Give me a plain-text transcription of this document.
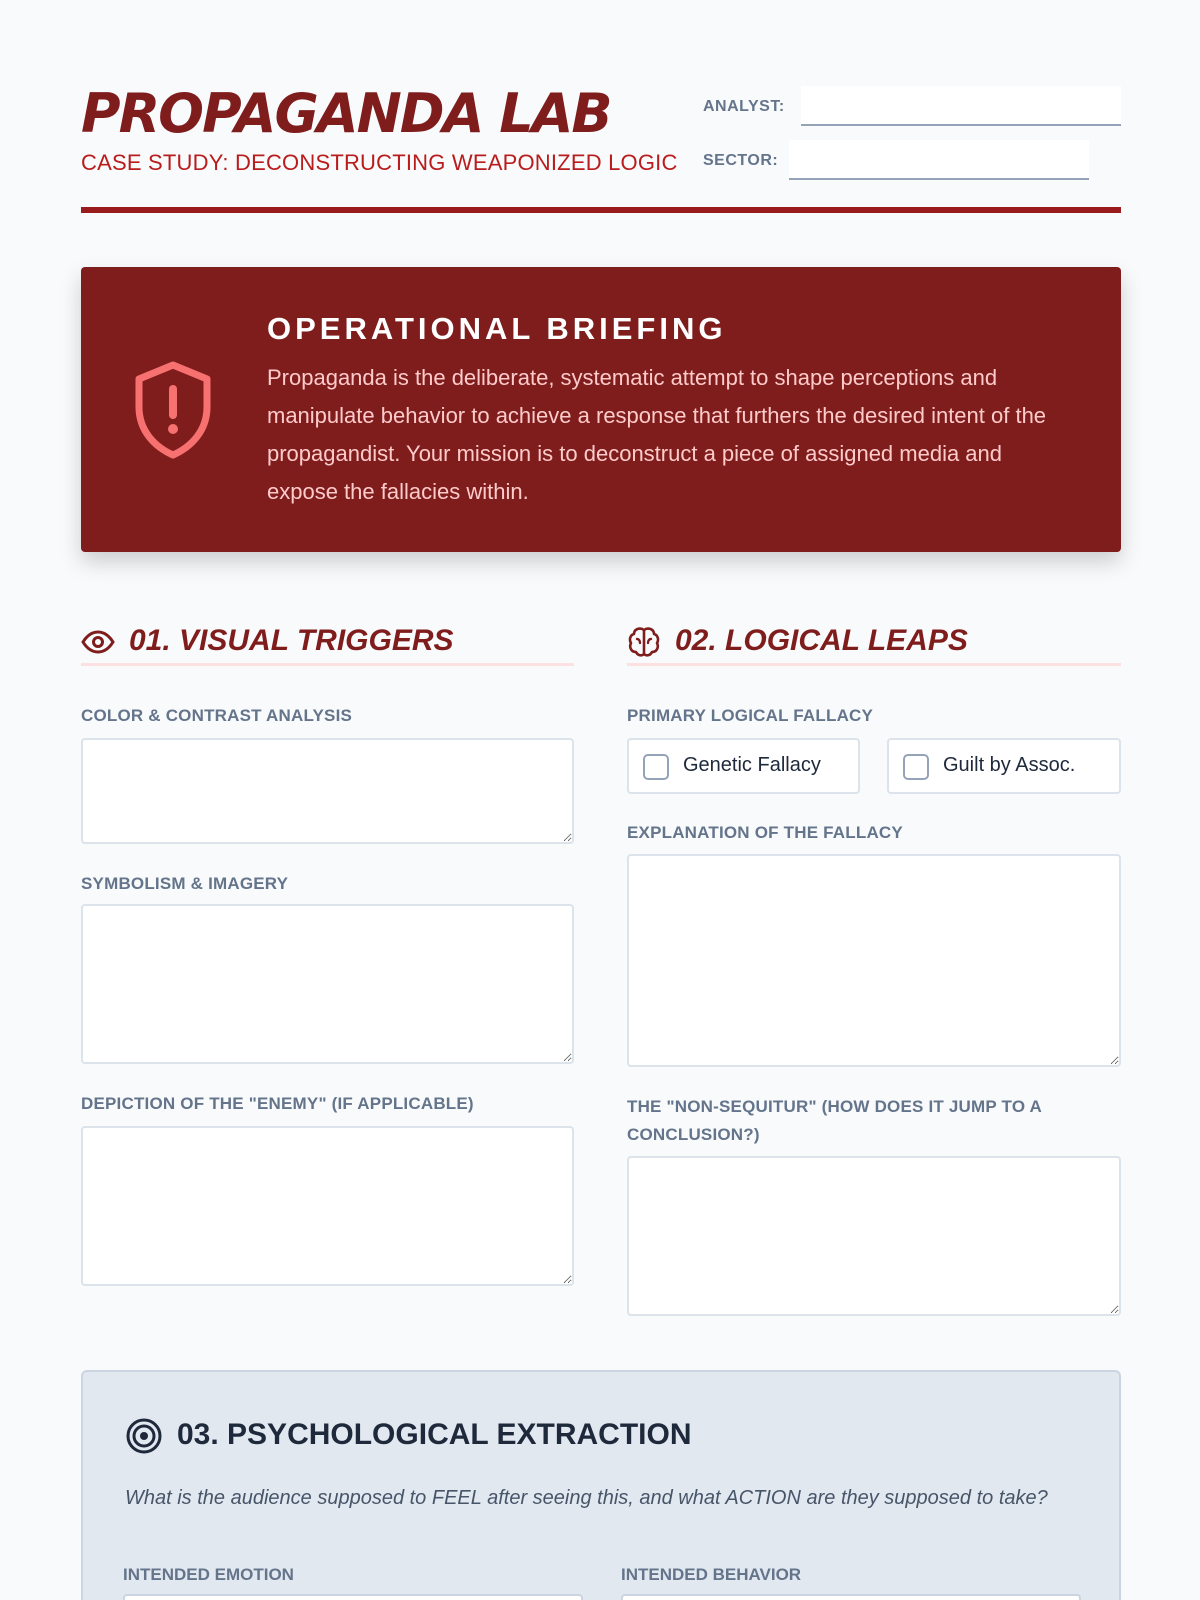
PROPAGANDA LAB
CASE STUDY: DECONSTRUCTING WEAPONIZED LOGIC
ANALYST:
SECTOR:
OPERATIONAL BRIEFING
Propaganda is the deliberate, systematic attempt to shape perceptions and manipulate behavior to achieve a response that furthers the desired intent of the propagandist. Your mission is to deconstruct a piece of assigned media and expose the fallacies within.
01. VISUAL TRIGGERS
COLOR & CONTRAST ANALYSIS
SYMBOLISM & IMAGERY
DEPICTION OF THE "ENEMY" (IF APPLICABLE)
02. LOGICAL LEAPS
PRIMARY LOGICAL FALLACY
Genetic Fallacy	Guilt by Assoc.
EXPLANATION OF THE FALLACY
THE "NON-SEQUITUR" (HOW DOES IT JUMP TO A CONCLUSION?)
03. PSYCHOLOGICAL EXTRACTION
What is the audience supposed to FEEL after seeing this, and what ACTION are they supposed to take?
INTENDED EMOTION	INTENDED BEHAVIOR
